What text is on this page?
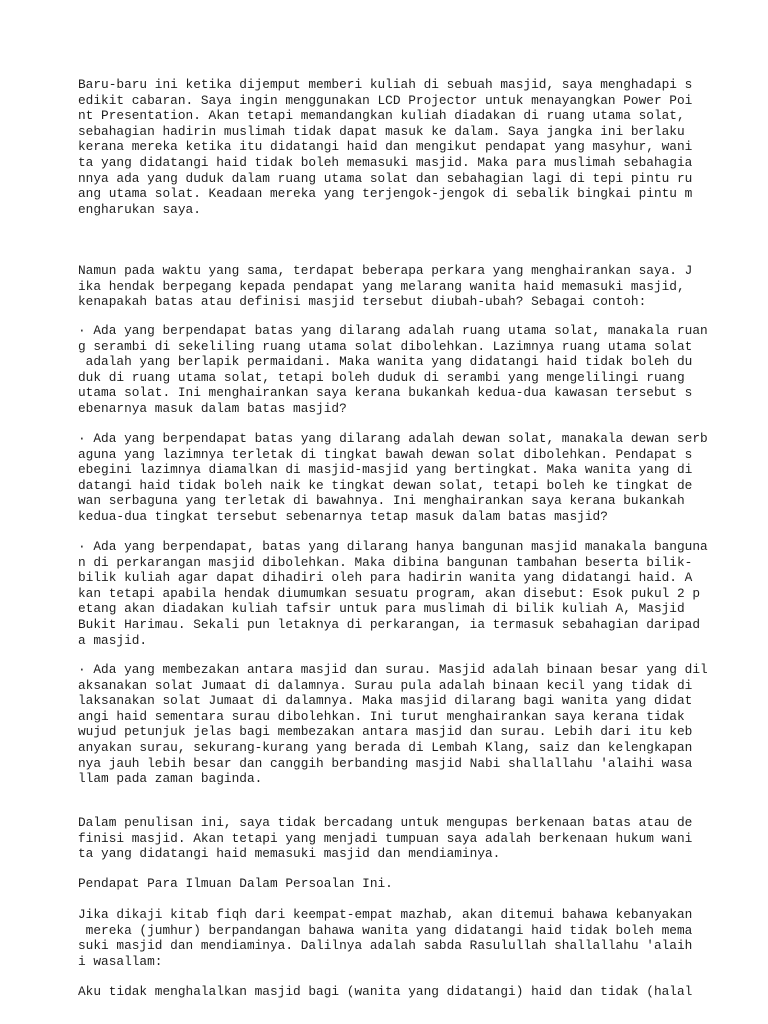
Baru-baru ini ketika dijemput memberi kuliah di sebuah masjid, saya menghadapi s
edikit cabaran. Saya ingin menggunakan LCD Projector untuk menayangkan Power Poi
nt Presentation. Akan tetapi memandangkan kuliah diadakan di ruang utama solat,
sebahagian hadirin muslimah tidak dapat masuk ke dalam. Saya jangka ini berlaku
kerana mereka ketika itu didatangi haid dan mengikut pendapat yang masyhur, wani
ta yang didatangi haid tidak boleh memasuki masjid. Maka para muslimah sebahagia
nnya ada yang duduk dalam ruang utama solat dan sebahagian lagi di tepi pintu ru
ang utama solat. Keadaan mereka yang terjengok-jengok di sebalik bingkai pintu m
engharukan saya.

Namun pada waktu yang sama, terdapat beberapa perkara yang menghairankan saya. J
ika hendak berpegang kepada pendapat yang melarang wanita haid memasuki masjid,
kenapakah batas atau definisi masjid tersebut diubah-ubah? Sebagai contoh:

· Ada yang berpendapat batas yang dilarang adalah ruang utama solat, manakala ruan
g serambi di sekeliling ruang utama solat dibolehkan. Lazimnya ruang utama solat
adalah yang berlapik permaidani. Maka wanita yang didatangi haid tidak boleh du
duk di ruang utama solat, tetapi boleh duduk di serambi yang mengelilingi ruang
utama solat. Ini menghairankan saya kerana bukankah kedua-dua kawasan tersebut s
ebenarnya masuk dalam batas masjid?

· Ada yang berpendapat batas yang dilarang adalah dewan solat, manakala dewan serb
aguna yang lazimnya terletak di tingkat bawah dewan solat dibolehkan. Pendapat s
ebegini lazimnya diamalkan di masjid-masjid yang bertingkat. Maka wanita yang di
datangi haid tidak boleh naik ke tingkat dewan solat, tetapi boleh ke tingkat de
wan serbaguna yang terletak di bawahnya. Ini menghairankan saya kerana bukankah
kedua-dua tingkat tersebut sebenarnya tetap masuk dalam batas masjid?

· Ada yang berpendapat, batas yang dilarang hanya bangunan masjid manakala banguna
n di perkarangan masjid dibolehkan. Maka dibina bangunan tambahan beserta bilik-
bilik kuliah agar dapat dihadiri oleh para hadirin wanita yang didatangi haid. A
kan tetapi apabila hendak diumumkan sesuatu program, akan disebut: Esok pukul 2 p
etang akan diadakan kuliah tafsir untuk para muslimah di bilik kuliah A, Masjid
Bukit Harimau. Sekali pun letaknya di perkarangan, ia termasuk sebahagian daripad
a masjid.

· Ada yang membezakan antara masjid dan surau. Masjid adalah binaan besar yang dil
aksanakan solat Jumaat di dalamnya. Surau pula adalah binaan kecil yang tidak di
laksanakan solat Jumaat di dalamnya. Maka masjid dilarang bagi wanita yang didat
angi haid sementara surau dibolehkan. Ini turut menghairankan saya kerana tidak
wujud petunjuk jelas bagi membezakan antara masjid dan surau. Lebih dari itu keb
anyakan surau, sekurang-kurang yang berada di Lembah Klang, saiz dan kelengkapan
nya jauh lebih besar dan canggih berbanding masjid Nabi shallallahu 'alaihi wasa
llam pada zaman baginda.

Dalam penulisan ini, saya tidak bercadang untuk mengupas berkenaan batas atau de
finisi masjid. Akan tetapi yang menjadi tumpuan saya adalah berkenaan hukum wani
ta yang didatangi haid memasuki masjid dan mendiaminya.

Pendapat Para Ilmuan Dalam Persoalan Ini.

Jika dikaji kitab fiqh dari keempat-empat mazhab, akan ditemui bahawa kebanyakan
mereka (jumhur) berpandangan bahawa wanita yang didatangi haid tidak boleh mema
suki masjid dan mendiaminya. Dalilnya adalah sabda Rasulullah shallallahu 'alaih
i wasallam:

Aku tidak menghalalkan masjid bagi (wanita yang didatangi) haid dan tidak (halal
